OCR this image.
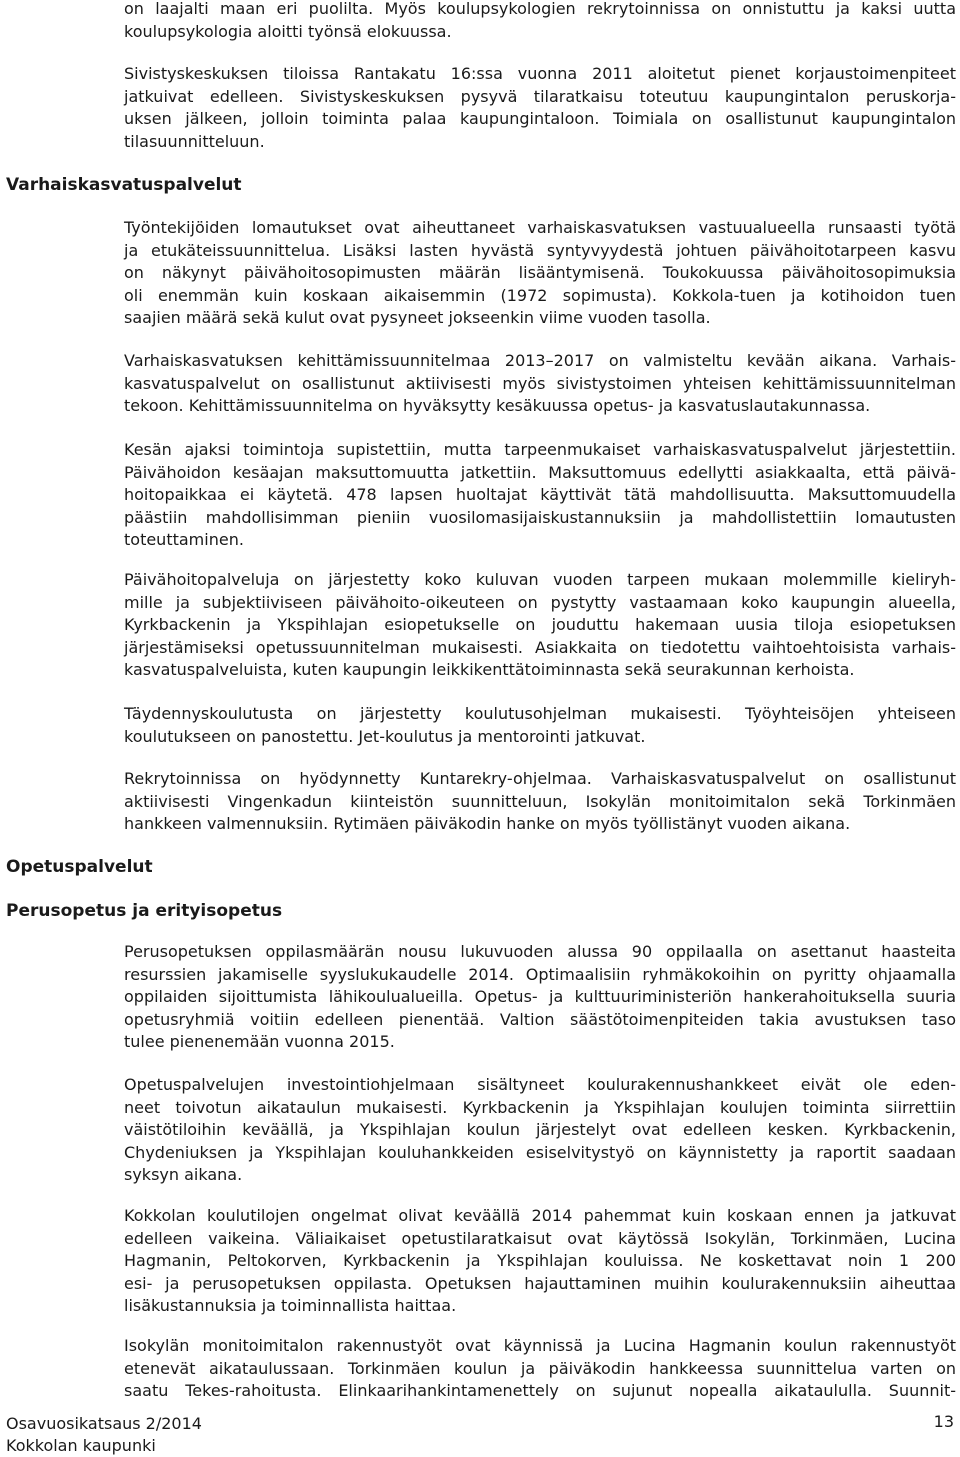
Varhaiskasvatuspalvelut
Opetuspalvelut
Perusopetus ja erityisopetus
on laajalti maan eri puolilta. Myös koulupsykologien rekrytoinnissa on onnistuttu ja kaksi uutta
koulupsykologia aloitti työnsä elokuussa.
Sivistyskeskuksen tiloissa Rantakatu 16:ssa vuonna 2011 aloitetut pienet korjaustoimenpiteet
jatkuivat edelleen. Sivistyskeskuksen pysyvä tilaratkaisu toteutuu kaupungintalon peruskorja-
uksen jälkeen, jolloin toiminta palaa kaupungintaloon. Toimiala on osallistunut kaupungintalon
tilasuunnitteluun.
Työntekijöiden lomautukset ovat aiheuttaneet varhaiskasvatuksen vastuualueella runsaasti työtä
ja etukäteissuunnittelua. Lisäksi lasten hyvästä syntyvyydestä johtuen päivähoitotarpeen kasvu
on näkynyt päivähoitosopimusten määrän lisääntymisenä. Toukokuussa päivähoitosopimuksia
oli enemmän kuin koskaan aikaisemmin (1972 sopimusta). Kokkola-tuen ja kotihoidon tuen
saajien määrä sekä kulut ovat pysyneet jokseenkin viime vuoden tasolla.
Varhaiskasvatuksen kehittämissuunnitelmaa 2013–2017 on valmisteltu kevään aikana. Varhais-
kasvatuspalvelut on osallistunut aktiivisesti myös sivistystoimen yhteisen kehittämissuunnitelman
tekoon. Kehittämissuunnitelma on hyväksytty kesäkuussa opetus- ja kasvatuslautakunnassa.
Kesän ajaksi toimintoja supistettiin, mutta tarpeenmukaiset varhaiskasvatuspalvelut järjestettiin.
Päivähoidon kesäajan maksuttomuutta jatkettiin. Maksuttomuus edellytti asiakkaalta, että päivä-
hoitopaikkaa ei käytetä. 478 lapsen huoltajat käyttivät tätä mahdollisuutta. Maksuttomuudella
päästiin mahdollisimman pieniin vuosilomasijaiskustannuksiin ja mahdollistettiin lomautusten
toteuttaminen.
Päivähoitopalveluja on järjestetty koko kuluvan vuoden tarpeen mukaan molemmille kieliryh-
mille ja subjektiiviseen päivähoito-oikeuteen on pystytty vastaamaan koko kaupungin alueella,
Kyrkbackenin ja Ykspihlajan esiopetukselle on jouduttu hakemaan uusia tiloja esiopetuksen
järjestämiseksi opetussuunnitelman mukaisesti. Asiakkaita on tiedotettu vaihtoehtoisista varhais-
kasvatuspalveluista, kuten kaupungin leikkikenttätoiminnasta sekä seurakunnan kerhoista.
Täydennyskoulutusta on järjestetty koulutusohjelman mukaisesti. Työyhteisöjen yhteiseen
koulutukseen on panostettu. Jet-koulutus ja mentorointi jatkuvat.
Rekrytoinnissa on hyödynnetty Kuntarekry-ohjelmaa. Varhaiskasvatuspalvelut on osallistunut
aktiivisesti Vingenkadun kiinteistön suunnitteluun, Isokylän monitoimitalon sekä Torkinmäen
hankkeen valmennuksiin. Rytimäen päiväkodin hanke on myös työllistänyt vuoden aikana.
Perusopetuksen oppilasmäärän nousu lukuvuoden alussa 90 oppilaalla on asettanut haasteita
resurssien jakamiselle syyslukukaudelle 2014. Optimaalisiin ryhmäkokoihin on pyritty ohjaamalla
oppilaiden sijoittumista lähikoulualueilla. Opetus- ja kulttuuriministeriön hankerahoituksella suuria
opetusryhmiä voitiin edelleen pienentää. Valtion säästötoimenpiteiden takia avustuksen taso
tulee pienenemään vuonna 2015.
Opetuspalvelujen investointiohjelmaan sisältyneet koulurakennushankkeet eivät ole eden-
neet toivotun aikataulun mukaisesti. Kyrkbackenin ja Ykspihlajan koulujen toiminta siirrettiin
väistötiloihin keväällä, ja Ykspihlajan koulun järjestelyt ovat edelleen kesken. Kyrkbackenin,
Chydeniuksen ja Ykspihlajan kouluhankkeiden esiselvitystyö on käynnistetty ja raportit saadaan
syksyn aikana.
Kokkolan koulutilojen ongelmat olivat keväällä 2014 pahemmat kuin koskaan ennen ja jatkuvat
edelleen vaikeina. Väliaikaiset opetustilaratkaisut ovat käytössä Isokylän, Torkinmäen, Lucina
Hagmanin, Peltokorven, Kyrkbackenin ja Ykspihlajan kouluissa. Ne koskettavat noin 1 200
esi- ja perusopetuksen oppilasta. Opetuksen hajauttaminen muihin koulurakennuksiin aiheuttaa
lisäkustannuksia ja toiminnallista haittaa.
Isokylän monitoimitalon rakennustyöt ovat käynnissä ja Lucina Hagmanin koulun rakennustyöt
etenevät aikataulussaan. Torkinmäen koulun ja päiväkodin hankkeessa suunnittelua varten on
saatu Tekes-rahoitusta. Elinkaarihankintamenettely on sujunut nopealla aikataululla. Suunnit-
Osavuosikatsaus 2/2014
Kokkolan kaupunki
13
